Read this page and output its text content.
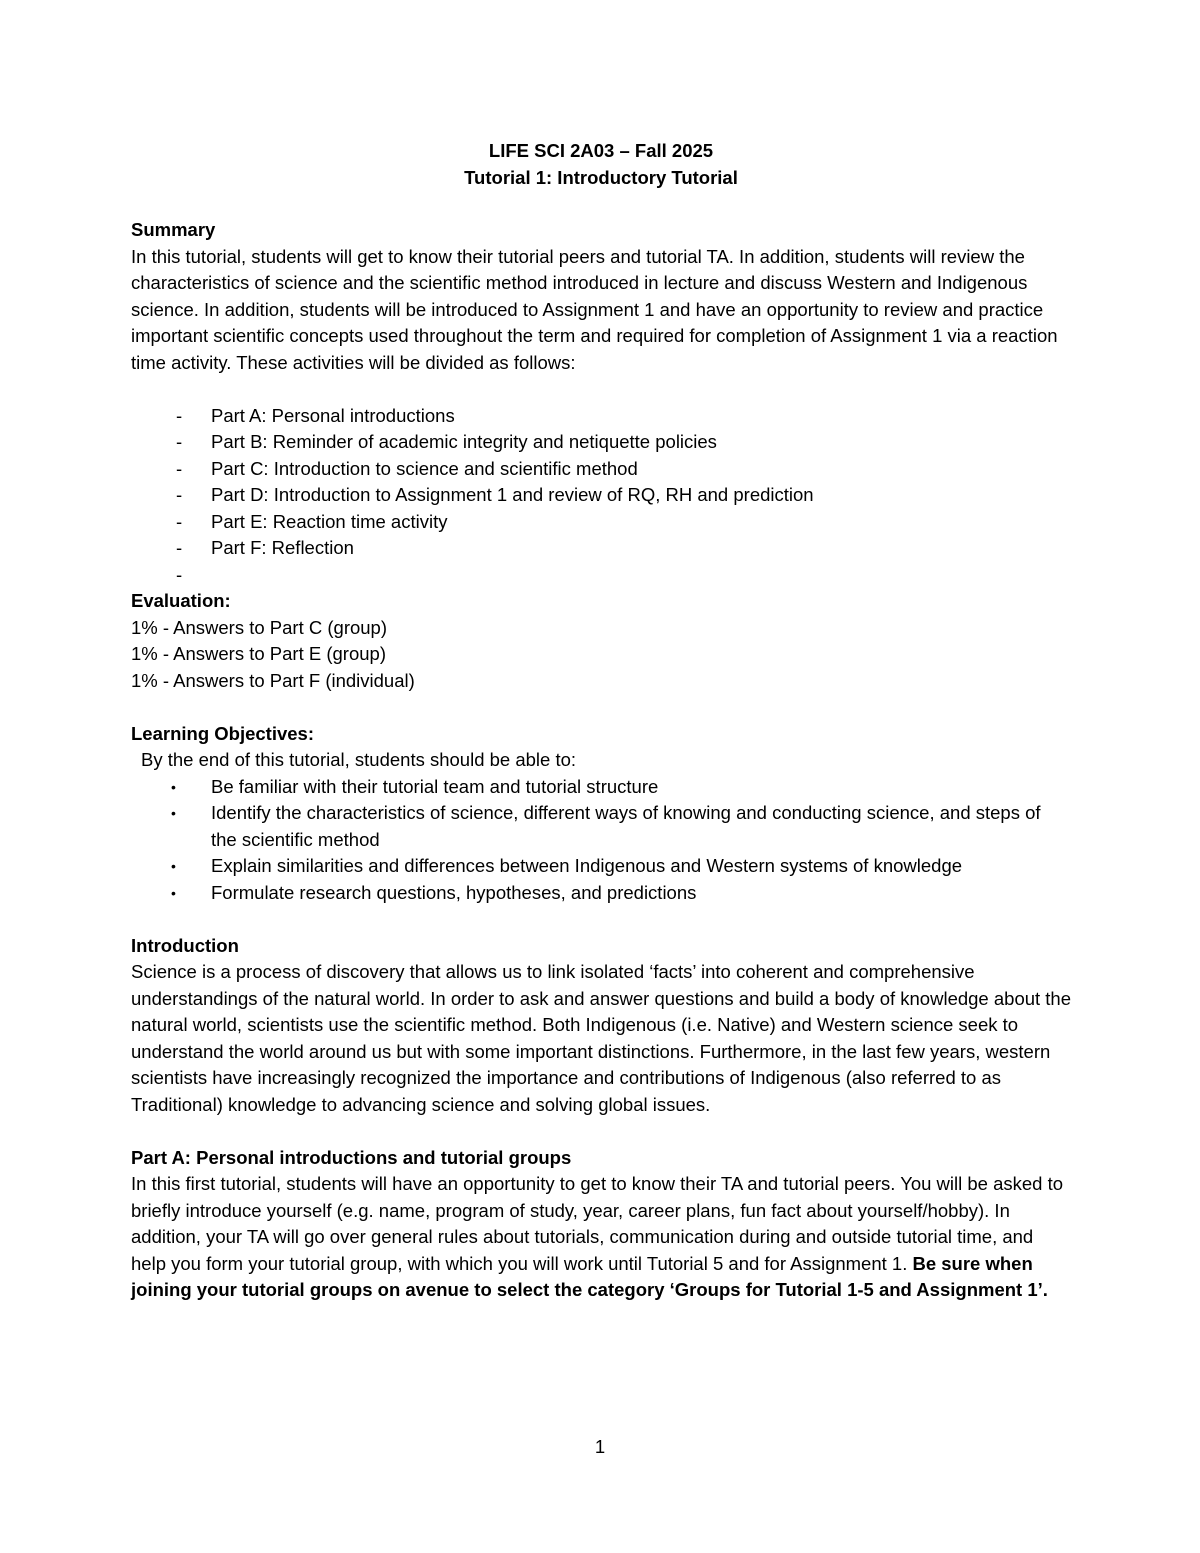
LIFE SCI 2A03 – Fall 2025

Tutorial 1: Introductory Tutorial

Summary

In this tutorial, students will get to know their tutorial peers and tutorial TA. In addition, students will review the characteristics of science and the scientific method introduced in lecture and discuss Western and Indigenous science. In addition, students will be introduced to Assignment 1 and have an opportunity to review and practice important scientific concepts used throughout the term and required for completion of Assignment 1 via a reaction time activity. These activities will be divided as follows:

- Part A: Personal introductions
- Part B: Reminder of academic integrity and netiquette policies
- Part C: Introduction to science and scientific method
- Part D: Introduction to Assignment 1 and review of RQ, RH and prediction
- Part E: Reaction time activity
- Part F: Reflection
-

Evaluation:

1% - Answers to Part C (group)

1% - Answers to Part E (group)

1% - Answers to Part F (individual)

Learning Objectives:

By the end of this tutorial, students should be able to:

• Be familiar with their tutorial team and tutorial structure
• Identify the characteristics of science, different ways of knowing and conducting science, and steps of the scientific method
• Explain similarities and differences between Indigenous and Western systems of knowledge
• Formulate research questions, hypotheses, and predictions

Introduction

Science is a process of discovery that allows us to link isolated ‘facts’ into coherent and comprehensive understandings of the natural world. In order to ask and answer questions and build a body of knowledge about the natural world, scientists use the scientific method. Both Indigenous (i.e. Native) and Western science seek to understand the world around us but with some important distinctions. Furthermore, in the last few years, western scientists have increasingly recognized the importance and contributions of Indigenous (also referred to as Traditional) knowledge to advancing science and solving global issues.

Part A: Personal introductions and tutorial groups

In this first tutorial, students will have an opportunity to get to know their TA and tutorial peers. You will be asked to briefly introduce yourself (e.g. name, program of study, year, career plans, fun fact about yourself/hobby). In addition, your TA will go over general rules about tutorials, communication during and outside tutorial time, and help you form your tutorial group, with which you will work until Tutorial 5 and for Assignment 1. Be sure when joining your tutorial groups on avenue to select the category ‘Groups for Tutorial 1-5 and Assignment 1’.

1
